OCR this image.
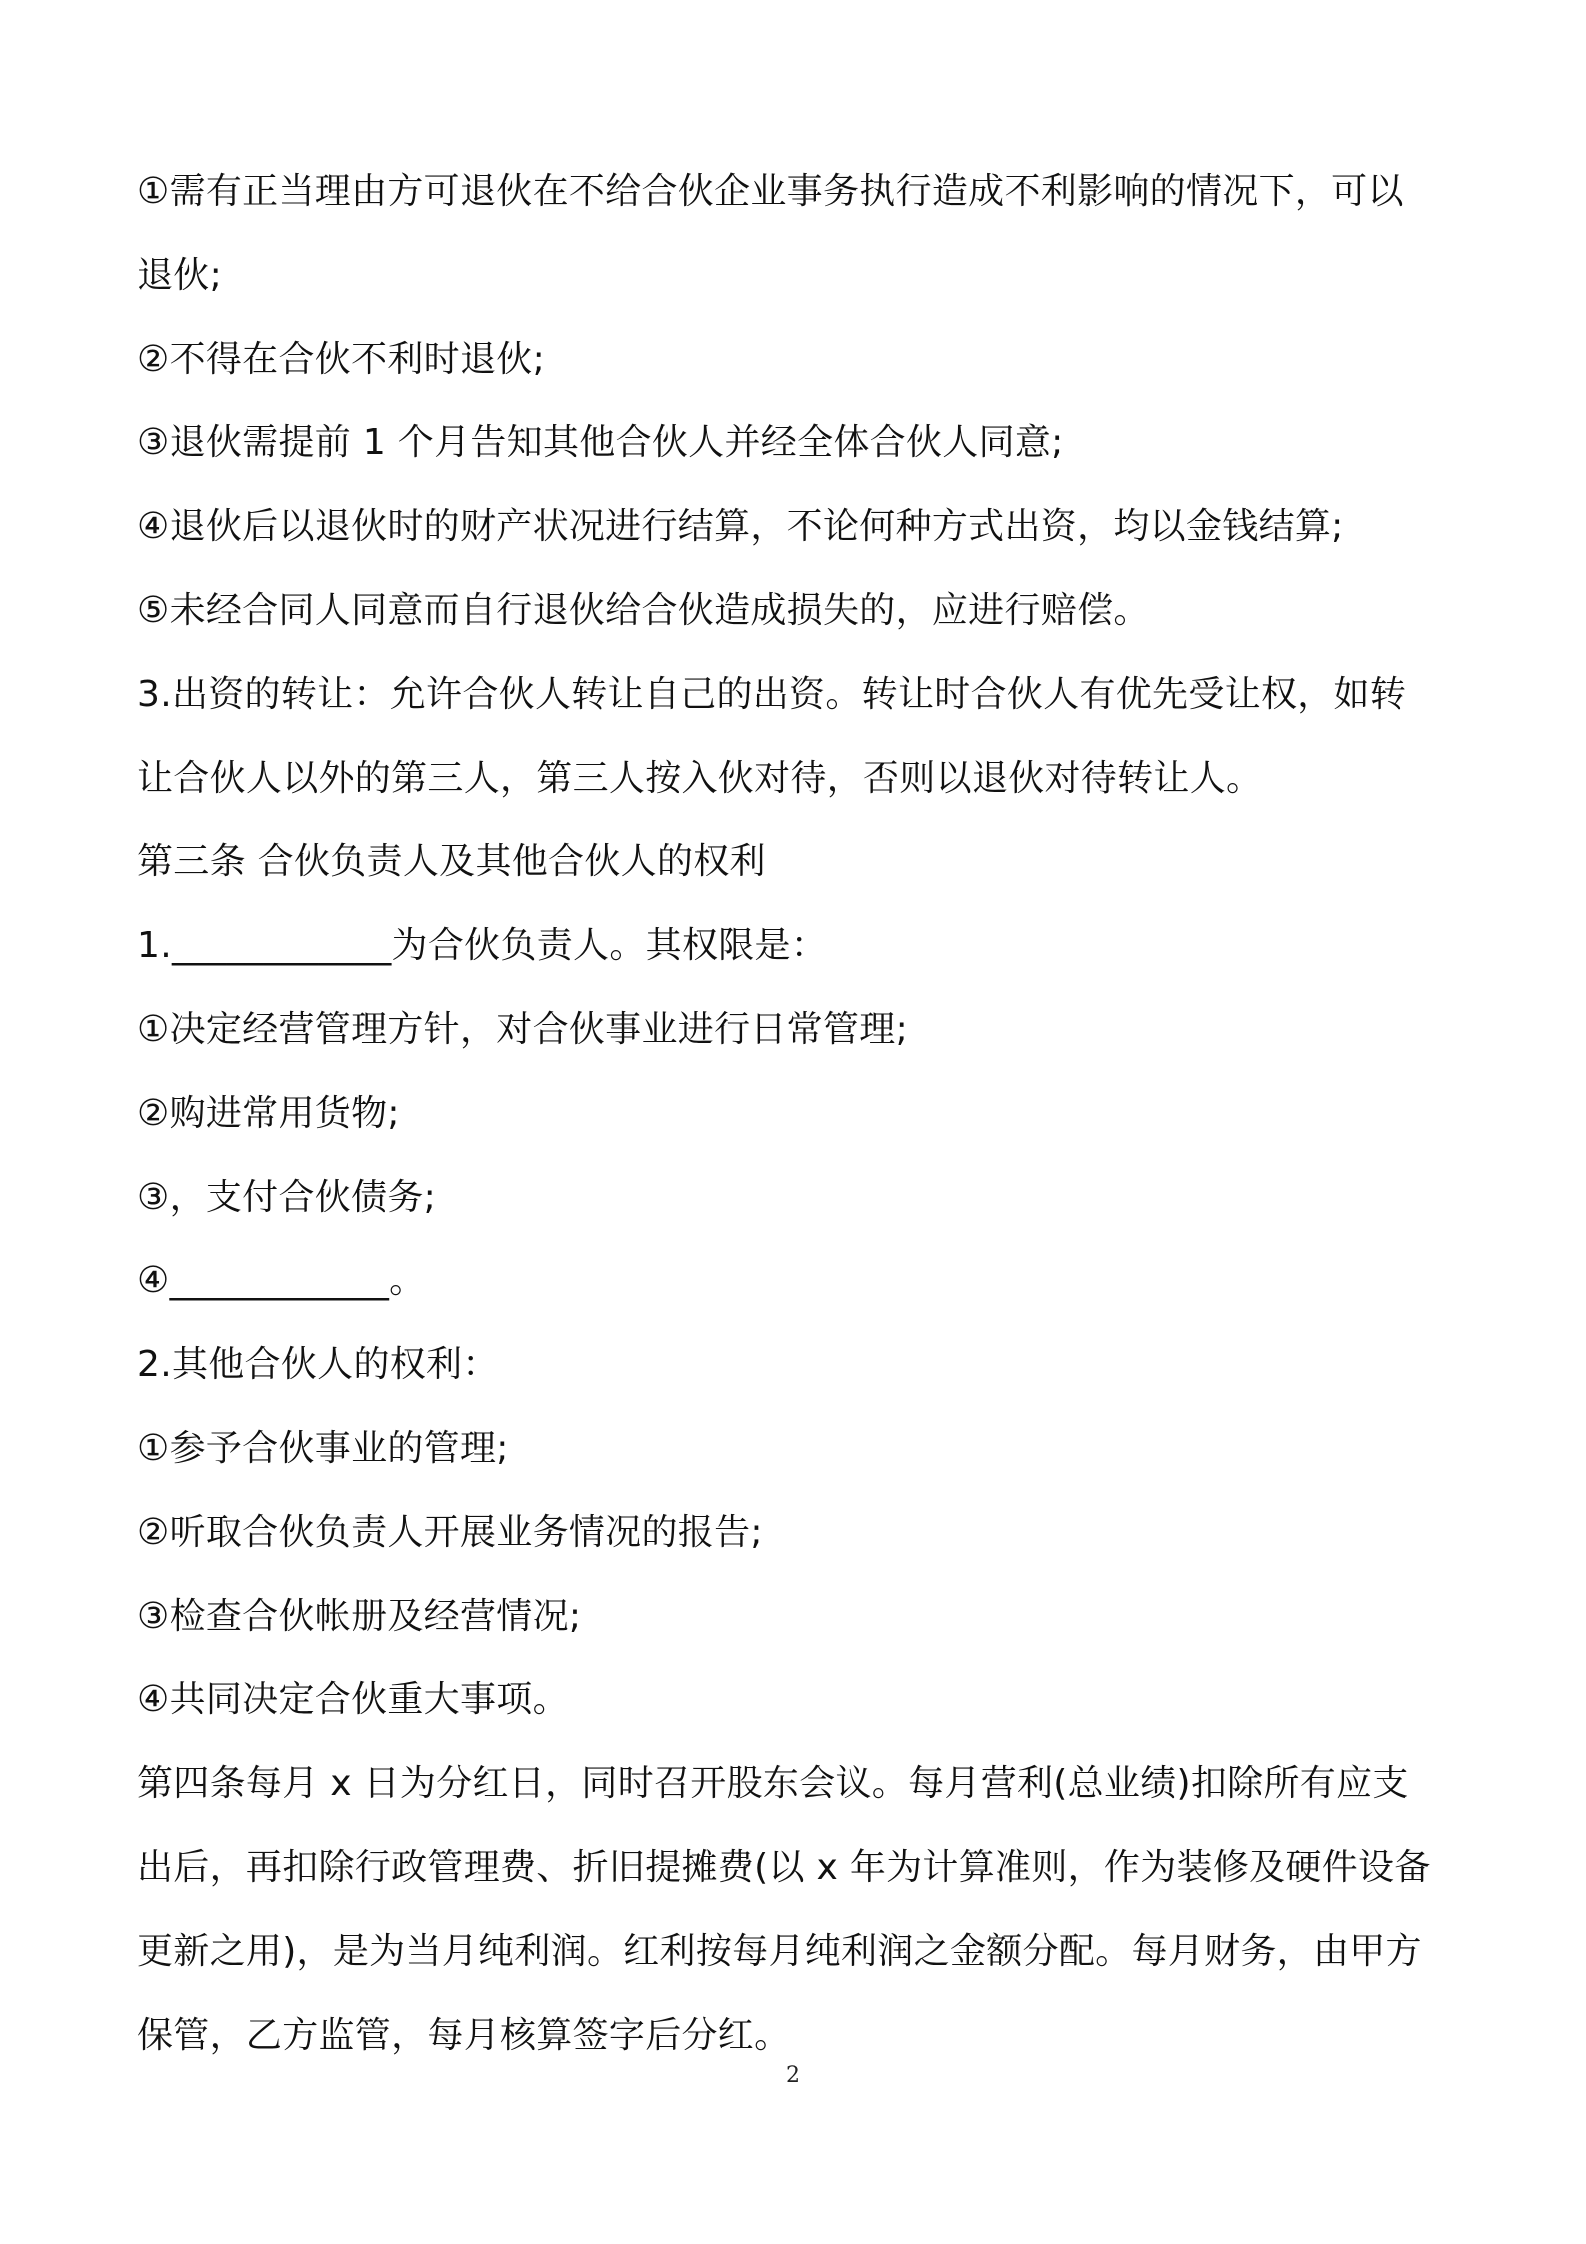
①需有正当理由方可退伙在不给合伙企业事务执行造成不利影响的情况下，可以
退伙;
②不得在合伙不利时退伙;
③退伙需提前 1 个月告知其他合伙人并经全体合伙人同意;
④退伙后以退伙时的财产状况进行结算，不论何种方式出资，均以金钱结算;
⑤未经合同人同意而自行退伙给合伙造成损失的，应进行赔偿。
3.出资的转让：允许合伙人转让自己的出资。转让时合伙人有优先受让权，如转
让合伙人以外的第三人，第三人按入伙对待，否则以退伙对待转让人。
第三条 合伙负责人及其他合伙人的权利
1.____________为合伙负责人。其权限是：
①决定经营管理方针，对合伙事业进行日常管理;
②购进常用货物;
③，支付合伙债务;
④____________。
2.其他合伙人的权利：
①参予合伙事业的管理;
②听取合伙负责人开展业务情况的报告;
③检查合伙帐册及经营情况;
④共同决定合伙重大事项。
第四条每月 x 日为分红日，同时召开股东会议。每月营利(总业绩)扣除所有应支
出后，再扣除行政管理费、折旧提摊费(以 x 年为计算准则，作为装修及硬件设备
更新之用)，是为当月纯利润。红利按每月纯利润之金额分配。每月财务，由甲方
保管，乙方监管，每月核算签字后分红。
2
